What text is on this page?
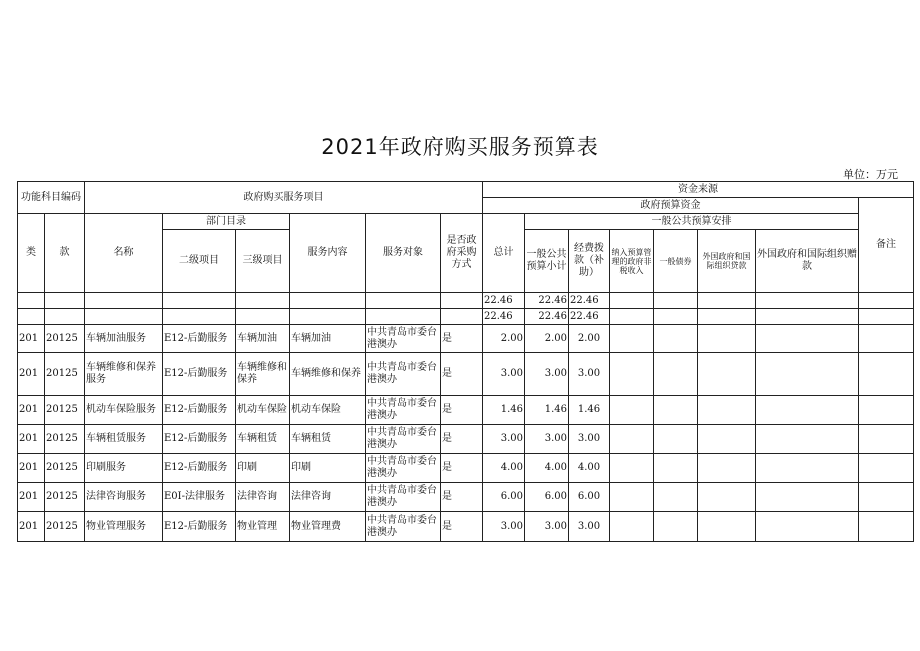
2021年政府购买服务预算表
单位：万元
功能科目编码		政府购买服务项目						资金来源							
								政府预算资金							备注
类	款	名称	部门目录		服务内容	服务对象	是否政府采购方式	总计	一般公共预算安排						
			二级项目	三级项目					一般公共预算小计	经费拨款（补助）	纳入预算管理的政府非税收入	一般债券	外国政府和国际组织贷款	外国政府和国际组织赠款	
								22.46	22.46	22.46					
								22.46	22.46	22.46					
201	20125	车辆加油服务	E12-后勤服务	车辆加油	车辆加油	中共青岛市委台港澳办	是	2.00	2.00	2.00					
201	20125	车辆维修和保养服务	E12-后勤服务	车辆维修和保养	车辆维修和保养	中共青岛市委台港澳办	是	3.00	3.00	3.00					
201	20125	机动车保险服务	E12-后勤服务	机动车保险	机动车保险	中共青岛市委台港澳办	是	1.46	1.46	1.46					
201	20125	车辆租赁服务	E12-后勤服务	车辆租赁	车辆租赁	中共青岛市委台港澳办	是	3.00	3.00	3.00					
201	20125	印刷服务	E12-后勤服务	印刷	印刷	中共青岛市委台港澳办	是	4.00	4.00	4.00					
201	20125	法律咨询服务	E0I-法律服务	法律咨询	法律咨询	中共青岛市委台港澳办	是	6.00	6.00	6.00					
201	20125	物业管理服务	E12-后勤服务	物业管理	物业管理费	中共青岛市委台港澳办	是	3.00	3.00	3.00					
